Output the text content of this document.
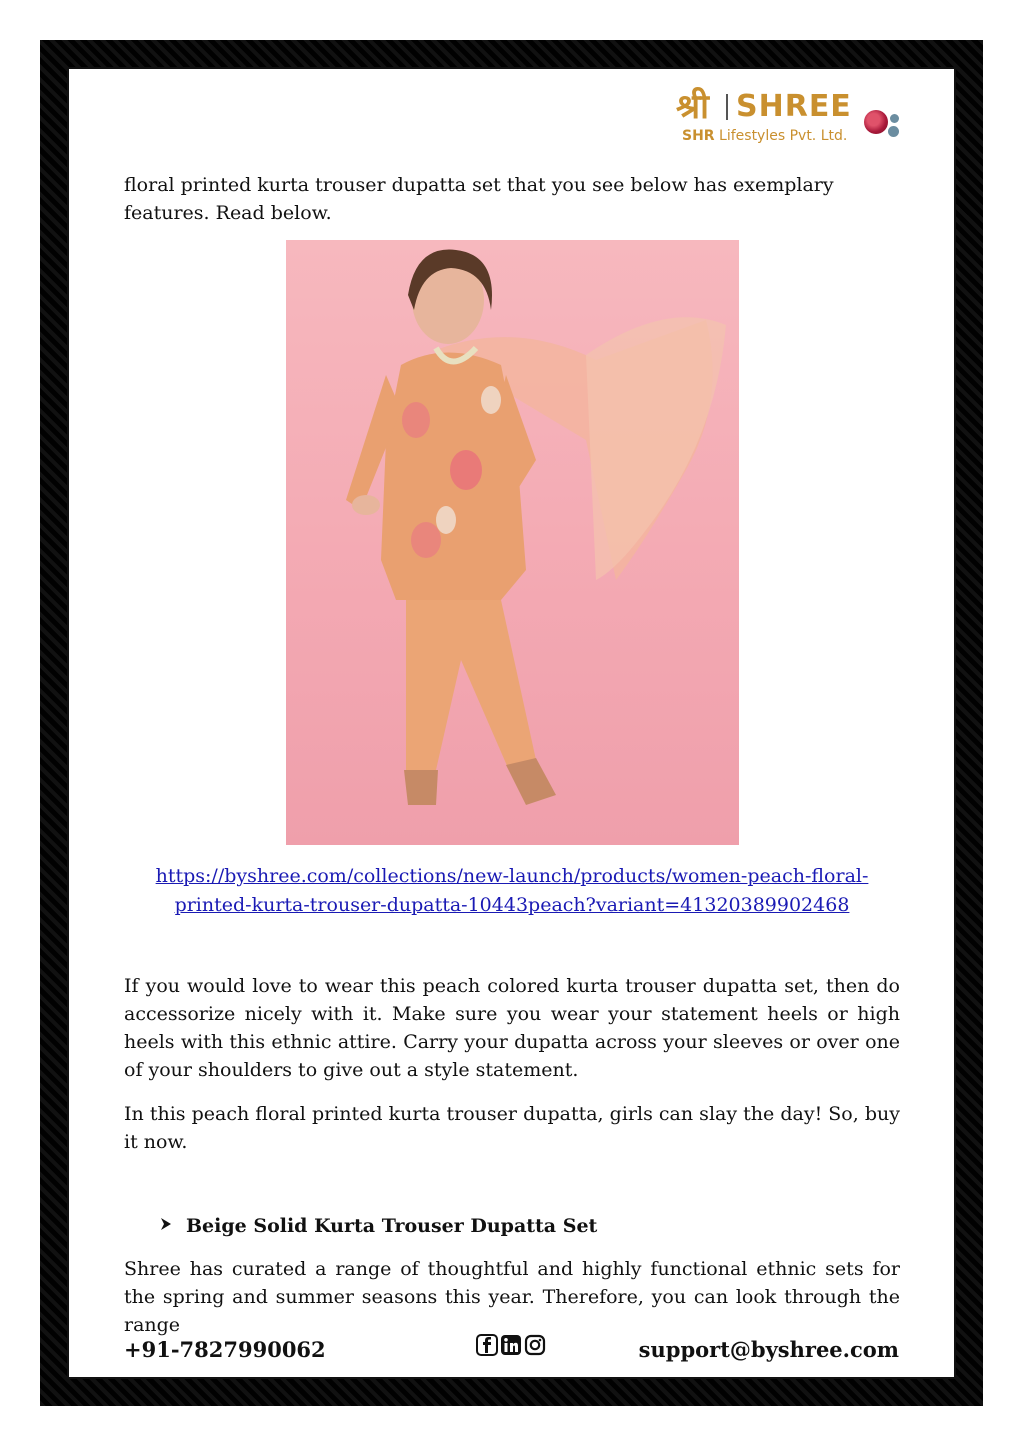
श्री SHREE
SHR Lifestyles Pvt. Ltd.

floral printed kurta trouser dupatta set that you see below has exemplary features. Read below.

https://byshree.com/collections/new-launch/products/women-peach-floral-printed-kurta-trouser-dupatta-10443peach?variant=41320389902468

If you would love to wear this peach colored kurta trouser dupatta set, then do accessorize nicely with it. Make sure you wear your statement heels or high heels with this ethnic attire. Carry your dupatta across your sleeves or over one of your shoulders to give out a style statement.

In this peach floral printed kurta trouser dupatta, girls can slay the day! So, buy it now.

Beige Solid Kurta Trouser Dupatta Set

Shree has curated a range of thoughtful and highly functional ethnic sets for the spring and summer seasons this year. Therefore, you can look through the range

+91-7827990062	support@byshree.com
